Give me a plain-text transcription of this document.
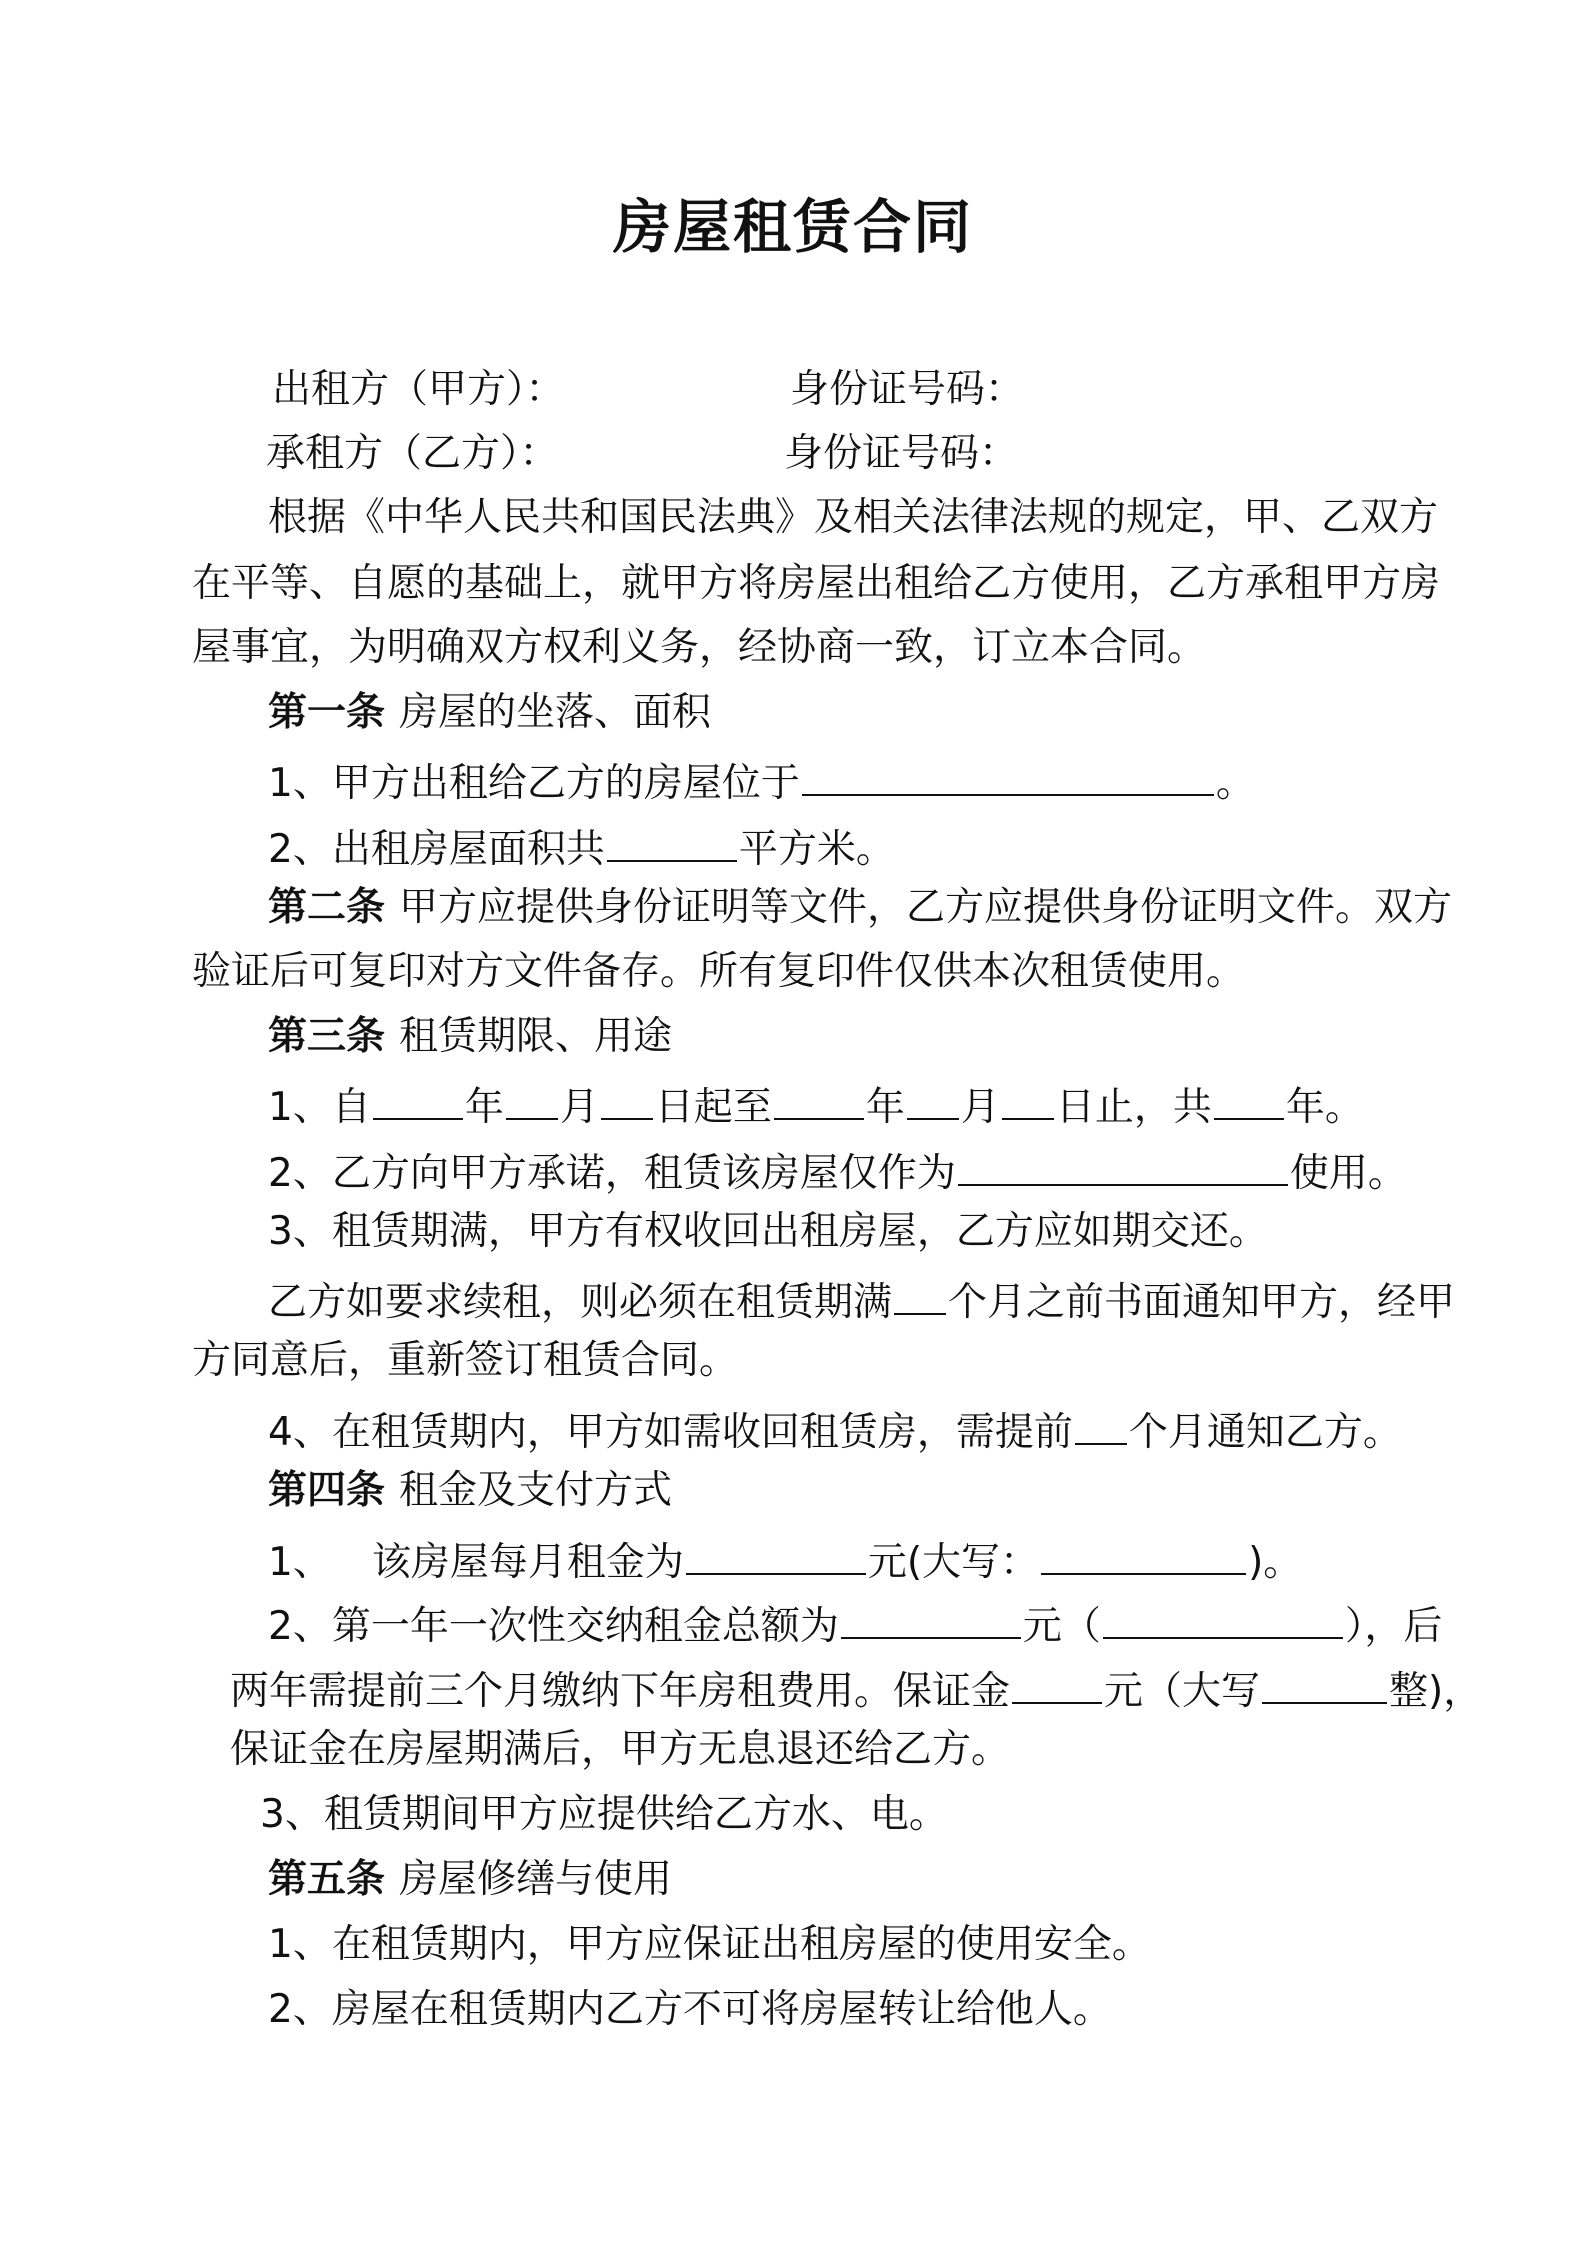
房屋租赁合同
出租方（甲方）：	身份证号码：
承租方（乙方）：	身份证号码：
根据《中华人民共和国民法典》及相关法律法规的规定，甲、乙双方
在平等、自愿的基础上，就甲方将房屋出租给乙方使用，乙方承租甲方房
屋事宜，为明确双方权利义务，经协商一致，订立本合同。
第一条 房屋的坐落、面积
1、甲方出租给乙方的房屋位于	。
2、出租房屋面积共	平方米。
第二条 甲方应提供身份证明等文件，乙方应提供身份证明文件。双方
验证后可复印对方文件备存。所有复印件仅供本次租赁使用。
第三条 租赁期限、用途
1、自 年 月 日起至 年 月 日止，共 年。
2、乙方向甲方承诺，租赁该房屋仅作为	使用。
3、租赁期满，甲方有权收回出租房屋，乙方应如期交还。
乙方如要求续租，则必须在租赁期满 个月之前书面通知甲方，经甲
方同意后，重新签订租赁合同。
4、在租赁期内，甲方如需收回租赁房，需提前 个月通知乙方。
第四条 租金及支付方式
1、 该房屋每月租金为	元(大写：	)。
2、第一年一次性交纳租金总额为	元（	），后
两年需提前三个月缴纳下年房租费用。保证金 元（大写	整)，
保证金在房屋期满后，甲方无息退还给乙方。
3、租赁期间甲方应提供给乙方水、电。
第五条 房屋修缮与使用
1、在租赁期内，甲方应保证出租房屋的使用安全。
2、房屋在租赁期内乙方不可将房屋转让给他人。
